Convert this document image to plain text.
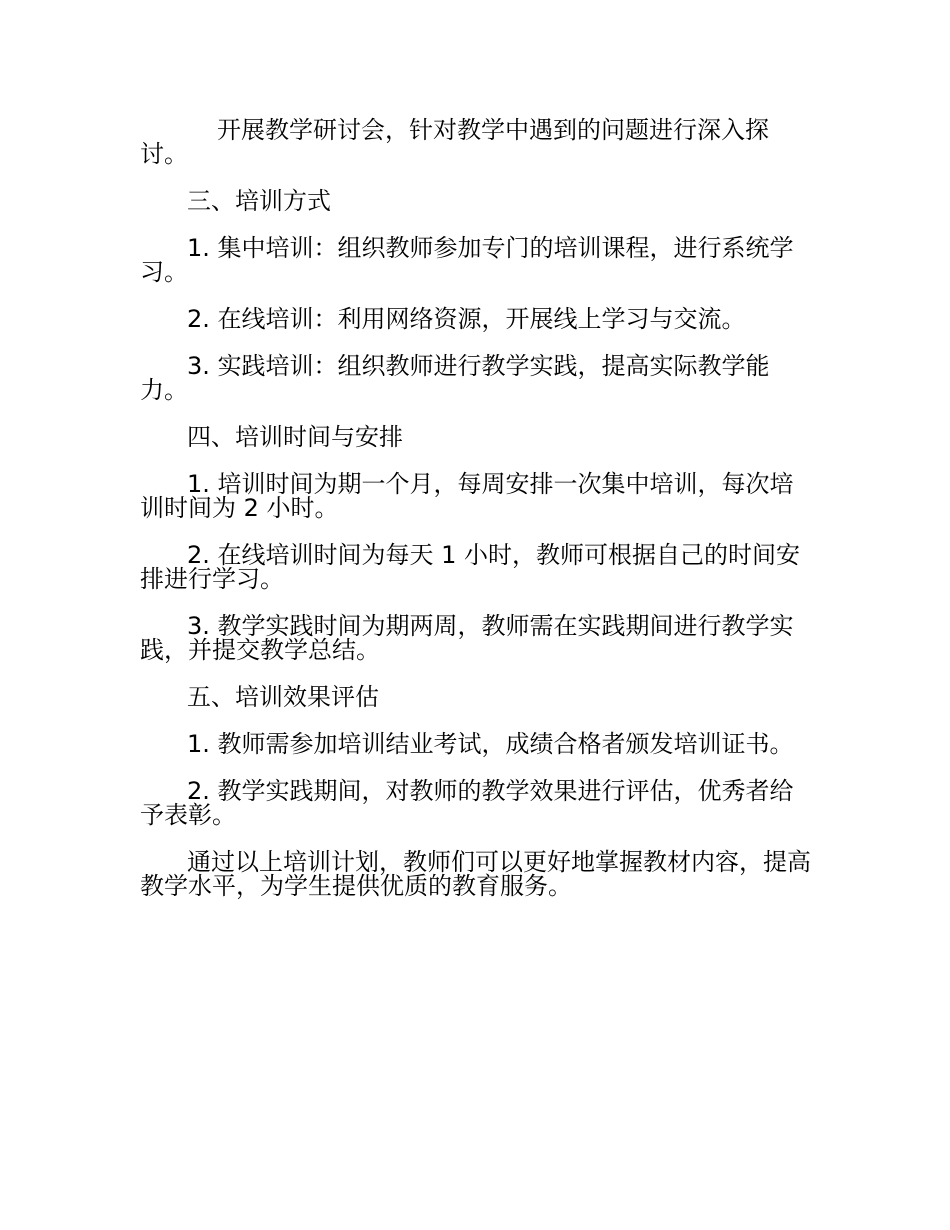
开展教学研讨会，针对教学中遇到的问题进行深入探讨。

三、培训方式

1. 集中培训：组织教师参加专门的培训课程，进行系统学习。

2. 在线培训：利用网络资源，开展线上学习与交流。

3. 实践培训：组织教师进行教学实践，提高实际教学能力。

四、培训时间与安排

1. 培训时间为期一个月，每周安排一次集中培训，每次培训时间为 2 小时。

2. 在线培训时间为每天 1 小时，教师可根据自己的时间安排进行学习。

3. 教学实践时间为期两周，教师需在实践期间进行教学实践，并提交教学总结。

五、培训效果评估

1. 教师需参加培训结业考试，成绩合格者颁发培训证书。

2. 教学实践期间，对教师的教学效果进行评估，优秀者给予表彰。

通过以上培训计划，教师们可以更好地掌握教材内容，提高教学水平，为学生提供优质的教育服务。
